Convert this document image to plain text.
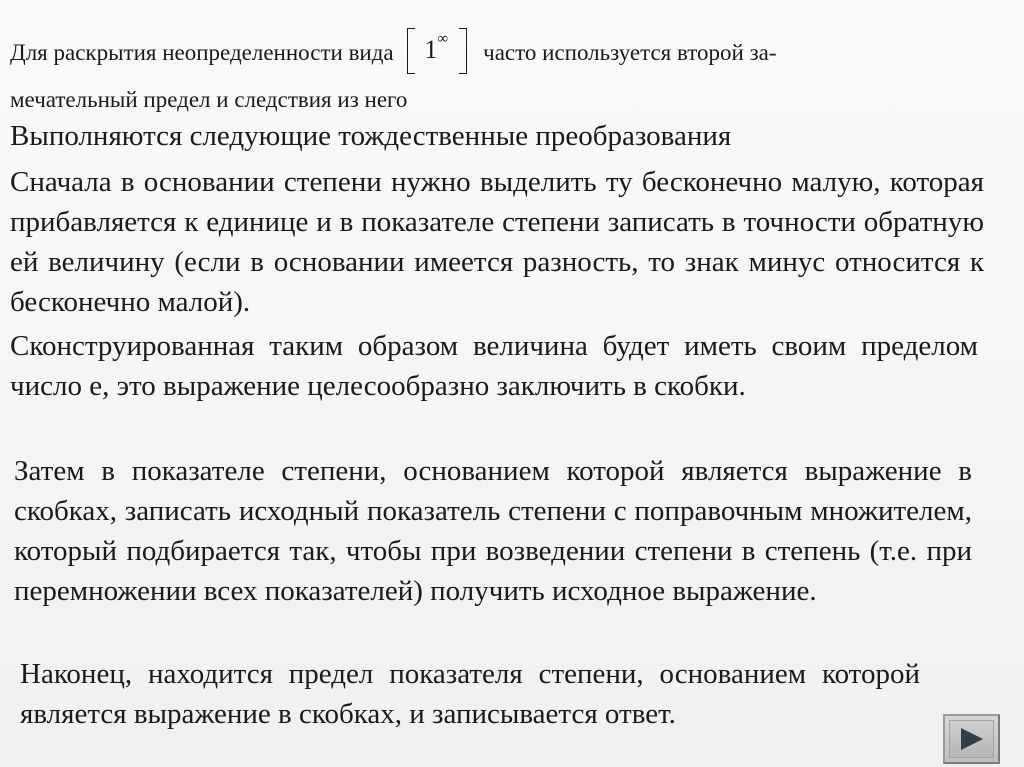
Для раскрытия неопределенности вида 1 ∞
часто используется второй за-
мечательный предел и следствия из него

Выполняются следующие тождественные преобразования

Сначала в основании степени нужно выделить ту бесконечно малую, которая прибавляется к единице и в показателе степени записать в точности обратную ей величину (если в основании имеется разность, то знак минус относится к бесконечно малой).

Сконструированная таким образом величина будет иметь своим пределом число е, это выражение целесообразно заключить в скобки.

Затем в показателе степени, основанием которой является выражение в скобках, записать исходный показатель степени с поправочным множителем, который подбирается так, чтобы при возведении степени в степень (т.е. при перемножении всех показателей) получить исходное выражение.

Наконец, находится предел показателя степени, основанием которой является выражение в скобках, и записывается ответ.
